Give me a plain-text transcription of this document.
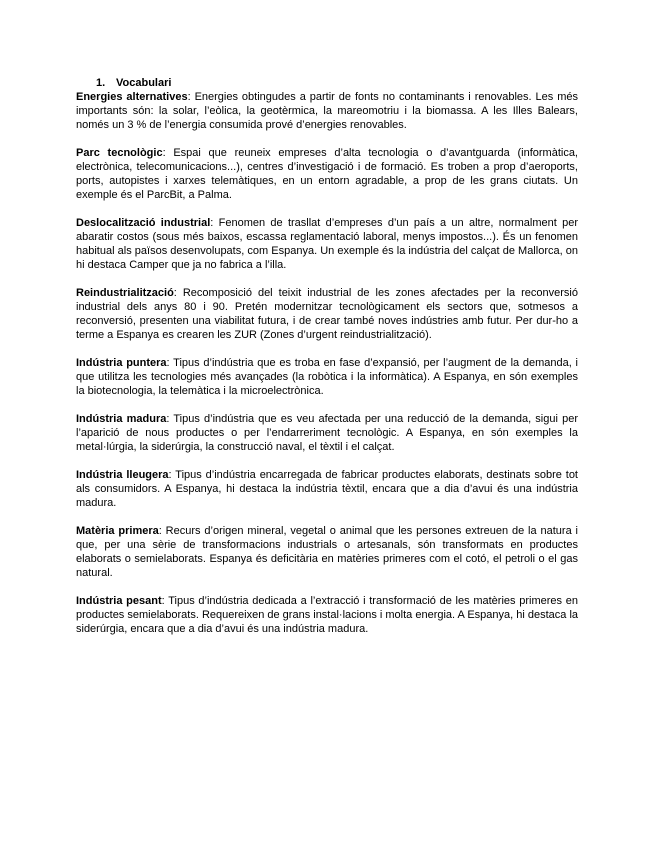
1. Vocabulari

Energies alternatives: Energies obtingudes a partir de fonts no contaminants i renovables. Les més importants són: la solar, l’eòlica, la geotèrmica, la mareomotriu i la biomassa. A les Illes Balears, només un 3 % de l’energia consumida prové d’energies renovables.

Parc tecnològic: Espai que reuneix empreses d’alta tecnologia o d’avantguarda (informàtica, electrònica, telecomunicacions...), centres d’investigació i de formació. Es troben a prop d’aeroports, ports, autopistes i xarxes telemàtiques, en un entorn agradable, a prop de les grans ciutats. Un exemple és el ParcBit, a Palma.

Deslocalització industrial: Fenomen de trasllat d’empreses d’un país a un altre, normalment per abaratir costos (sous més baixos, escassa reglamentació laboral, menys impostos...). És un fenomen habitual als països desenvolupats, com Espanya. Un exemple és la indústria del calçat de Mallorca, on hi destaca Camper que ja no fabrica a l’illa.

Reindustrialització: Recomposició del teixit industrial de les zones afectades per la reconversió industrial dels anys 80 i 90. Pretén modernitzar tecnològicament els sectors que, sotmesos a reconversió, presenten una viabilitat futura, i de crear també noves indústries amb futur. Per dur-ho a terme a Espanya es crearen les ZUR (Zones d’urgent reindustrialització).

Indústria puntera: Tipus d’indústria que es troba en fase d’expansió, per l’augment de la demanda, i que utilitza les tecnologies més avançades (la robòtica i la informàtica). A Espanya, en són exemples la biotecnologia, la telemàtica i la microelectrònica.

Indústria madura: Tipus d’indústria que es veu afectada per una reducció de la demanda, sigui per l’aparició de nous productes o per l’endarreriment tecnològic. A Espanya, en són exemples la metal·lúrgia, la siderúrgia, la construcció naval, el tèxtil i el calçat.

Indústria lleugera: Tipus d’indústria encarregada de fabricar productes elaborats, destinats sobre tot als consumidors. A Espanya, hi destaca la indústria tèxtil, encara que a dia d’avui és una indústria madura.

Matèria primera: Recurs d’origen mineral, vegetal o animal que les persones extreuen de la natura i que, per una sèrie de transformacions industrials o artesanals, són transformats en productes elaborats o semielaborats. Espanya és deficitària en matèries primeres com el cotó, el petroli o el gas natural.

Indústria pesant: Tipus d’indústria dedicada a l’extracció i transformació de les matèries primeres en productes semielaborats. Requereixen de grans instal·lacions i molta energia. A Espanya, hi destaca la siderúrgia, encara que a dia d’avui és una indústria madura.
